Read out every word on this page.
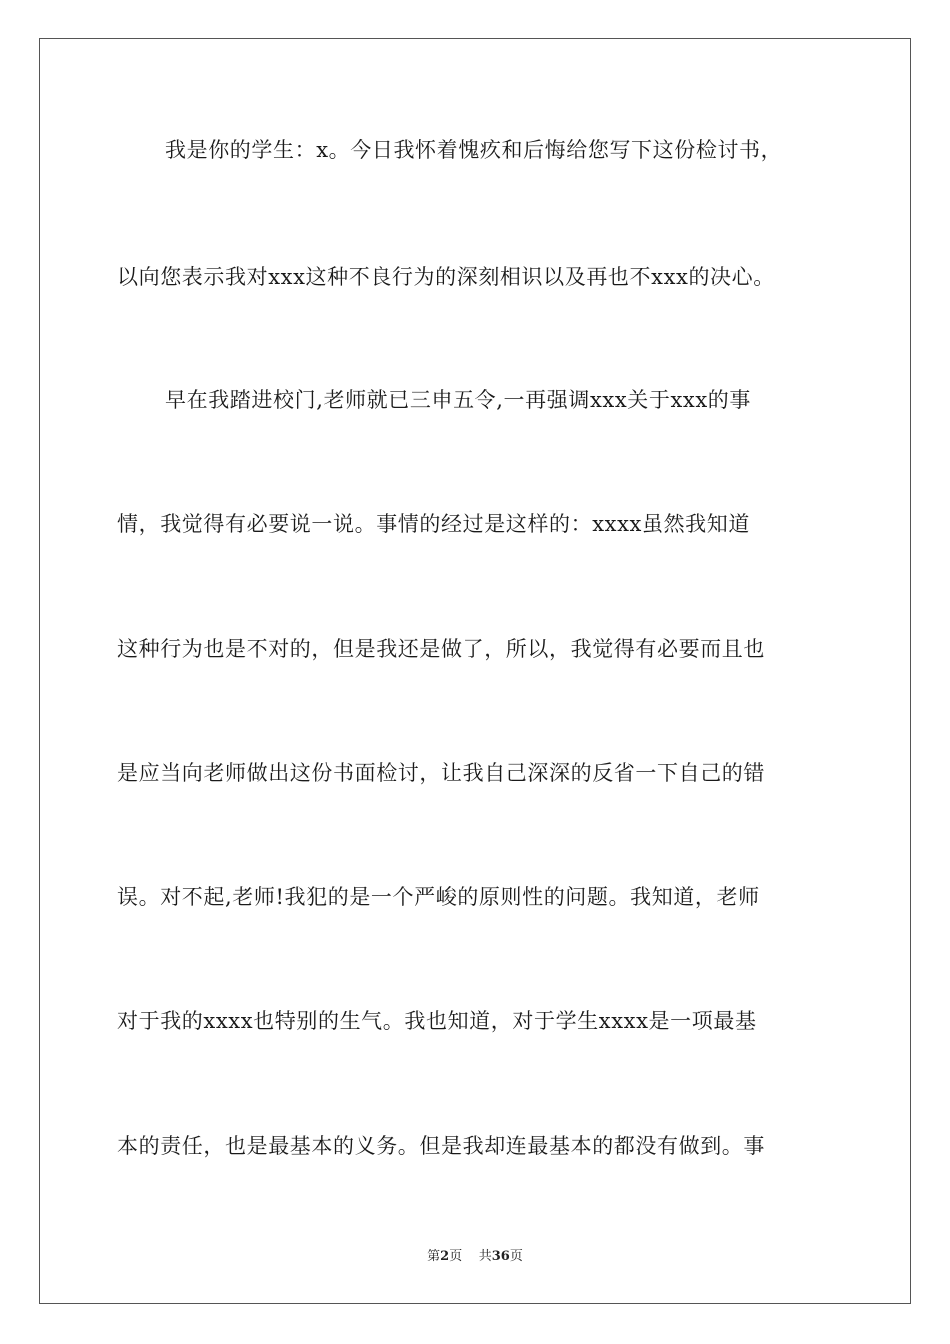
我是你的学生：x。今日我怀着愧疚和后悔给您写下这份检讨书，
以向您表示我对xxx这种不良行为的深刻相识以及再也不xxx的决心。
早在我踏进校门,老师就已三申五令,一再强调xxx关于xxx的事
情，我觉得有必要说一说。事情的经过是这样的：xxxx虽然我知道
这种行为也是不对的，但是我还是做了，所以，我觉得有必要而且也
是应当向老师做出这份书面检讨，让我自己深深的反省一下自己的错
误。对不起,老师!我犯的是一个严峻的原则性的问题。我知道，老师
对于我的xxxx也特别的生气。我也知道，对于学生xxxx是一项最基
本的责任，也是最基本的义务。但是我却连最基本的都没有做到。事
第2页 共36页
